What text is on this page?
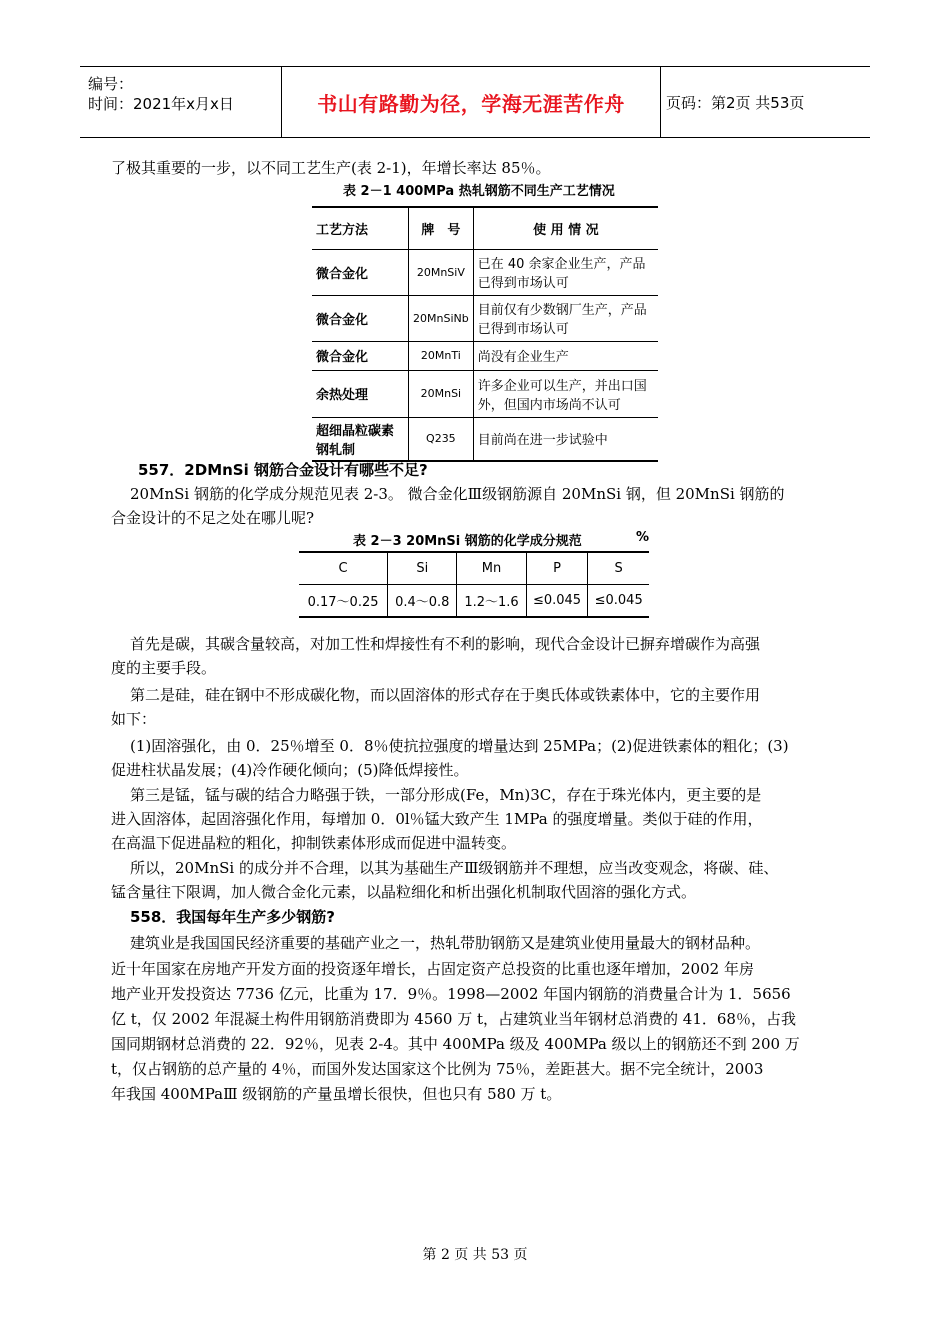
编号：
时间：2021年x月x日	书山有路勤为径，学海无涯苦作舟	页码：第2页 共53页
了极其重要的一步，以不同工艺生产(表 2-1)，年增长率达 85％。
表 2－1 400MPa 热轧钢筋不同生产工艺情况
工艺方法	牌　号	使 用 情 况
微合金化	20MnSiV	已在 40 余家企业生产，产品
已得到市场认可

微合金化	20MnSiNb	目前仅有少数钢厂生产，产品
已得到市场认可

微合金化	20MnTi	尚没有企业生产

余热处理	20MnSi	许多企业可以生产，并出口国
外，但国内市场尚不认可

超细晶粒碳素
钢轧制	Q235	目前尚在进一步试验中
557．2DMnSi 钢筋合金设计有哪些不足?
20MnSi 钢筋的化学成分规范见表 2-3。 微合金化Ⅲ级钢筋源自 20MnSi 钢，但 20MnSi 钢筋的
合金设计的不足之处在哪儿呢?
表 2－3 20MnSi 钢筋的化学成分规范	%
C	Si	Mn	P	S
0.17～0.25	0.4～0.8	1.2～1.6	≤0.045	≤0.045
首先是碳，其碳含量较高，对加工性和焊接性有不利的影响，现代合金设计已摒弃增碳作为高强
度的主要手段。
第二是硅，硅在钢中不形成碳化物，而以固溶体的形式存在于奥氏体或铁素体中，它的主要作用
如下：
(1)固溶强化，由 0．25％增至 0．8％使抗拉强度的增量达到 25MPa；(2)促进铁素体的粗化；(3)
促进柱状晶发展；(4)冷作硬化倾向；(5)降低焊接性。
第三是锰，锰与碳的结合力略强于铁，一部分形成(Fe，Mn)3C，存在于珠光体内，更主要的是
进入固溶体，起固溶强化作用，每增加 0．0l％锰大致产生 1MPa 的强度增量。类似于硅的作用，
在高温下促进晶粒的粗化，抑制铁素体形成而促进中温转变。
所以，20MnSi 的成分并不合理，以其为基础生产Ⅲ级钢筋并不理想，应当改变观念，将碳、硅、
锰含量往下限调，加人微合金化元素，以晶粒细化和析出强化机制取代固溶的强化方式。
558．我国每年生产多少钢筋?
建筑业是我国国民经济重要的基础产业之一，热轧带肋钢筋又是建筑业使用量最大的钢材品种。
近十年国家在房地产开发方面的投资逐年增长，占固定资产总投资的比重也逐年增加，2002 年房
地产业开发投资达 7736 亿元，比重为 17．9％。1998—2002 年国内钢筋的消费量合计为 1．5656
亿 t，仅 2002 年混凝土构件用钢筋消费即为 4560 万 t，占建筑业当年钢材总消费的 41．68％，占我
国同期钢材总消费的 22．92％，见表 2-4。其中 400MPa 级及 400MPa 级以上的钢筋还不到 200 万
t，仅占钢筋的总产量的 4％，而国外发达国家这个比例为 75％，差距甚大。据不完全统计，2003
年我国 400MPaⅢ 级钢筋的产量虽增长很快，但也只有 580 万 t。
第 2 页 共 53 页
